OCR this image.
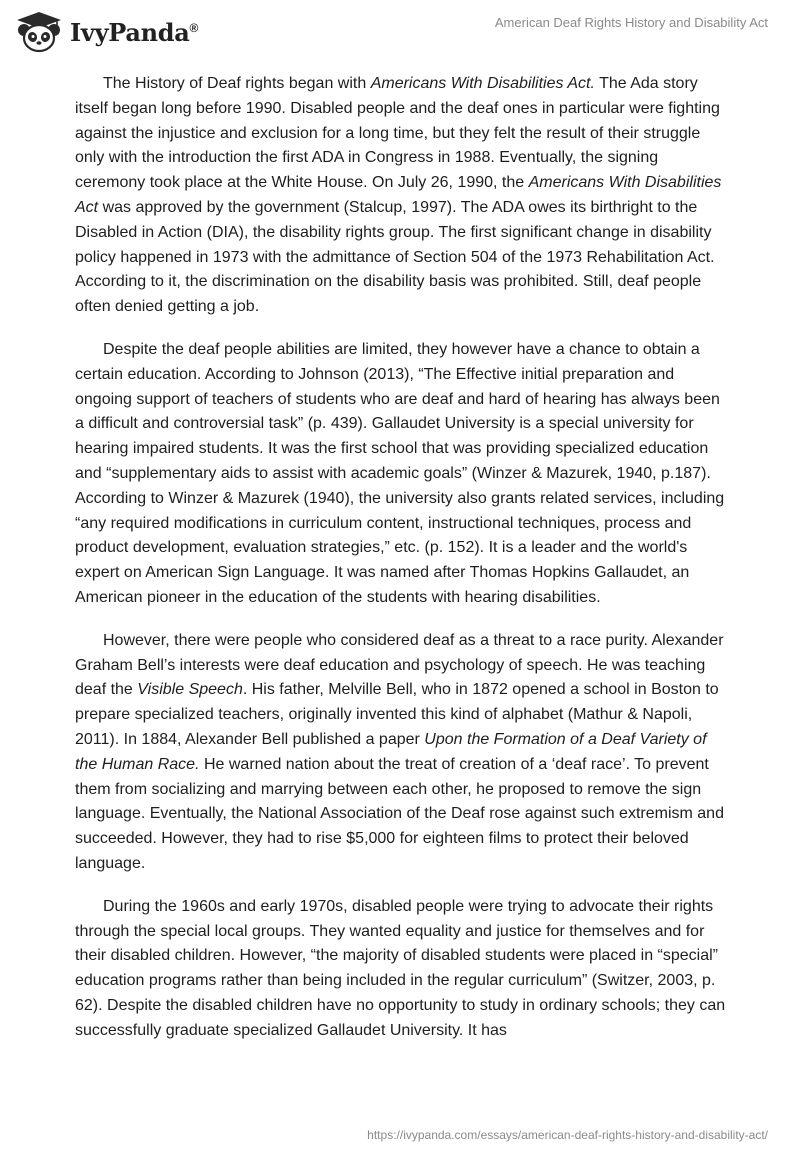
IvyPanda®	American Deaf Rights History and Disability Act

The History of Deaf rights began with Americans With Disabilities Act. The Ada story itself began long before 1990. Disabled people and the deaf ones in particular were fighting against the injustice and exclusion for a long time, but they felt the result of their struggle only with the introduction the first ADA in Congress in 1988. Eventually, the signing ceremony took place at the White House. On July 26, 1990, the Americans With Disabilities Act was approved by the government (Stalcup, 1997). The ADA owes its birthright to the Disabled in Action (DIA), the disability rights group. The first significant change in disability policy happened in 1973 with the admittance of Section 504 of the 1973 Rehabilitation Act. According to it, the discrimination on the disability basis was prohibited. Still, deaf people often denied getting a job.

Despite the deaf people abilities are limited, they however have a chance to obtain a certain education. According to Johnson (2013), “The Effective initial preparation and ongoing support of teachers of students who are deaf and hard of hearing has always been a difficult and controversial task” (p. 439). Gallaudet University is a special university for hearing impaired students. It was the first school that was providing specialized education and “supplementary aids to assist with academic goals” (Winzer & Mazurek, 1940, p.187). According to Winzer & Mazurek (1940), the university also grants related services, including “any required modifications in curriculum content, instructional techniques, process and product development, evaluation strategies,” etc. (p. 152). It is a leader and the world's expert on American Sign Language. It was named after Thomas Hopkins Gallaudet, an American pioneer in the education of the students with hearing disabilities.

However, there were people who considered deaf as a threat to a race purity. Alexander Graham Bell’s interests were deaf education and psychology of speech. He was teaching deaf the Visible Speech. His father, Melville Bell, who in 1872 opened a school in Boston to prepare specialized teachers, originally invented this kind of alphabet (Mathur & Napoli, 2011). In 1884, Alexander Bell published a paper Upon the Formation of a Deaf Variety of the Human Race. He warned nation about the treat of creation of a ‘deaf race’. To prevent them from socializing and marrying between each other, he proposed to remove the sign language. Eventually, the National Association of the Deaf rose against such extremism and succeeded. However, they had to rise $5,000 for eighteen films to protect their beloved language.

During the 1960s and early 1970s, disabled people were trying to advocate their rights through the special local groups. They wanted equality and justice for themselves and for their disabled children. However, “the majority of disabled students were placed in “special” education programs rather than being included in the regular curriculum” (Switzer, 2003, p. 62). Despite the disabled children have no opportunity to study in ordinary schools; they can successfully graduate specialized Gallaudet University. It has

https://ivypanda.com/essays/american-deaf-rights-history-and-disability-act/
